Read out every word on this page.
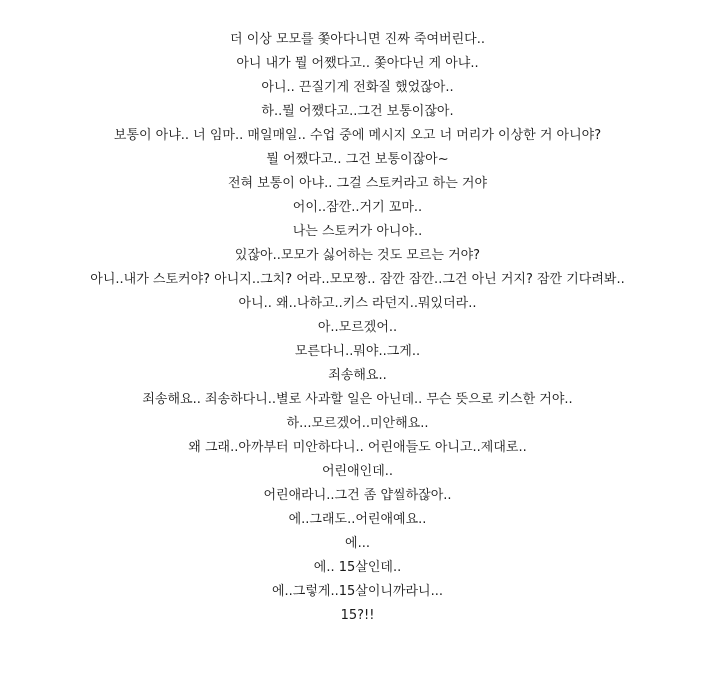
더 이상 모모를 쫓아다니면 진짜 죽여버린다..
아니 내가 뭘 어쨌다고.. 쫓아다닌 게 아냐..
아니.. 끈질기게 전화질 했었잖아..
하..뭘 어쨌다고..그건 보통이잖아.
보통이 아냐.. 너 임마.. 매일매일.. 수업 중에 메시지 오고 너 머리가 이상한 거 아니야?
뭘 어쨌다고.. 그건 보통이잖아~
전혀 보통이 아냐.. 그걸 스토커라고 하는 거야
어이..잠깐..거기 꼬마..
나는 스토커가 아니야..
있잖아..모모가 싫어하는 것도 모르는 거야?
아니..내가 스토커야? 아니지..그치? 어라..모모짱.. 잠깐 잠깐..그건 아닌 거지? 잠깐 기다려봐..
아니.. 왜..나하고..키스 라던지..뭐있더라..
아..모르겠어..
모른다니..뭐야..그게..
죄송해요..
죄송해요.. 죄송하다니..별로 사과할 일은 아닌데.. 무슨 뜻으로 키스한 거야..
하...모르겠어..미안해요..
왜 그래..아까부터 미안하다니.. 어린애들도 아니고..제대로..
어린애인데..
어린애라니..그건 좀 얍씰하잖아..
에..그래도..어린애예요..
에...
에.. 15살인데..
에..그렇게..15살이니까라니...
15?!!
